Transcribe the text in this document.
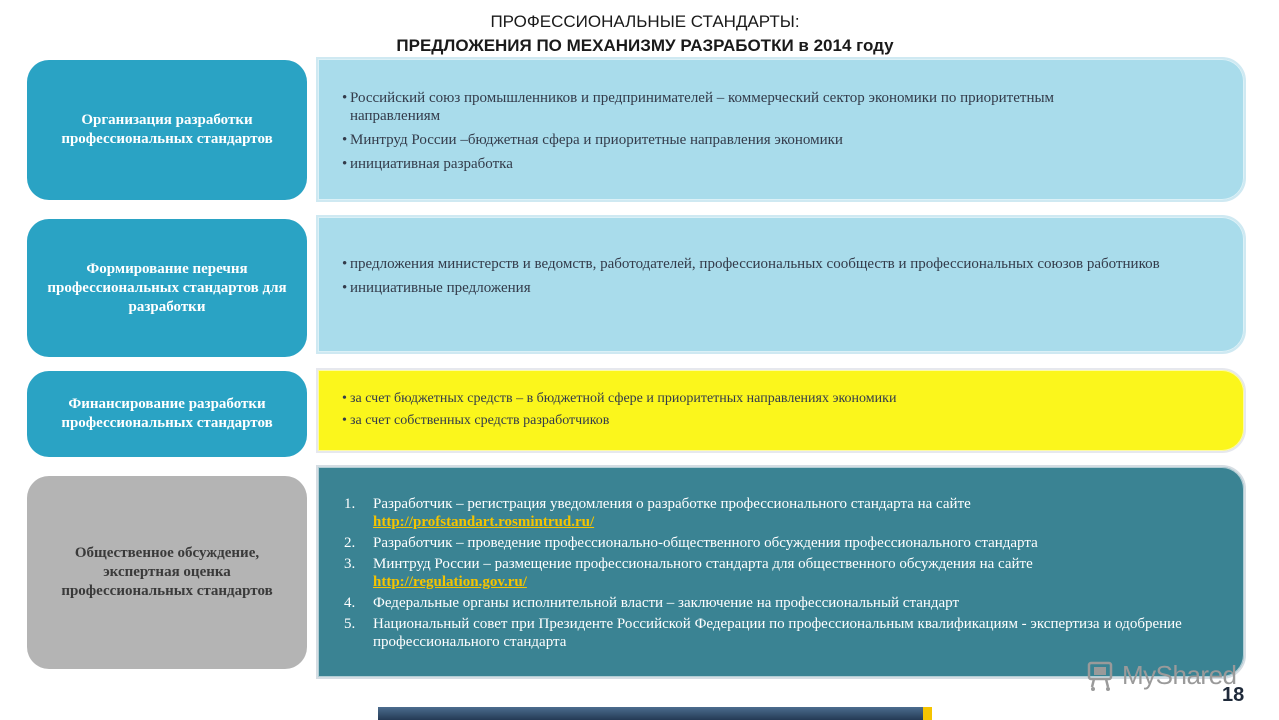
ПРОФЕССИОНАЛЬНЫЕ СТАНДАРТЫ:
ПРЕДЛОЖЕНИЯ ПО МЕХАНИЗМУ РАЗРАБОТКИ в 2014 году
Организация разработки профессиональных стандартов
• Российский союз промышленников и предпринимателей – коммерческий сектор экономики по приоритетным направлениям
• Минтруд России –бюджетная сфера и приоритетные направления экономики
• инициативная разработка
Формирование перечня профессиональных стандартов для разработки
• предложения министерств и ведомств, работодателей, профессиональных сообществ и профессиональных союзов работников
• инициативные предложения
Финансирование разработки профессиональных стандартов
• за счет бюджетных средств – в бюджетной сфере и приоритетных направлениях экономики
• за счет собственных средств разработчиков
Общественное обсуждение, экспертная оценка профессиональных стандартов
1. Разработчик – регистрация уведомления о разработке профессионального стандарта на сайте
http://profstandart.rosmintrud.ru/
2. Разработчик – проведение профессионально-общественного обсуждения профессионального стандарта
3. Минтруд России – размещение профессионального стандарта для общественного обсуждения на сайте
http://regulation.gov.ru/
4. Федеральные органы исполнительной власти – заключение на профессиональный стандарт
5. Национальный совет при Президенте Российской Федерации по профессиональным квалификациям - экспертиза и одобрение профессионального стандарта
MyShared
18
